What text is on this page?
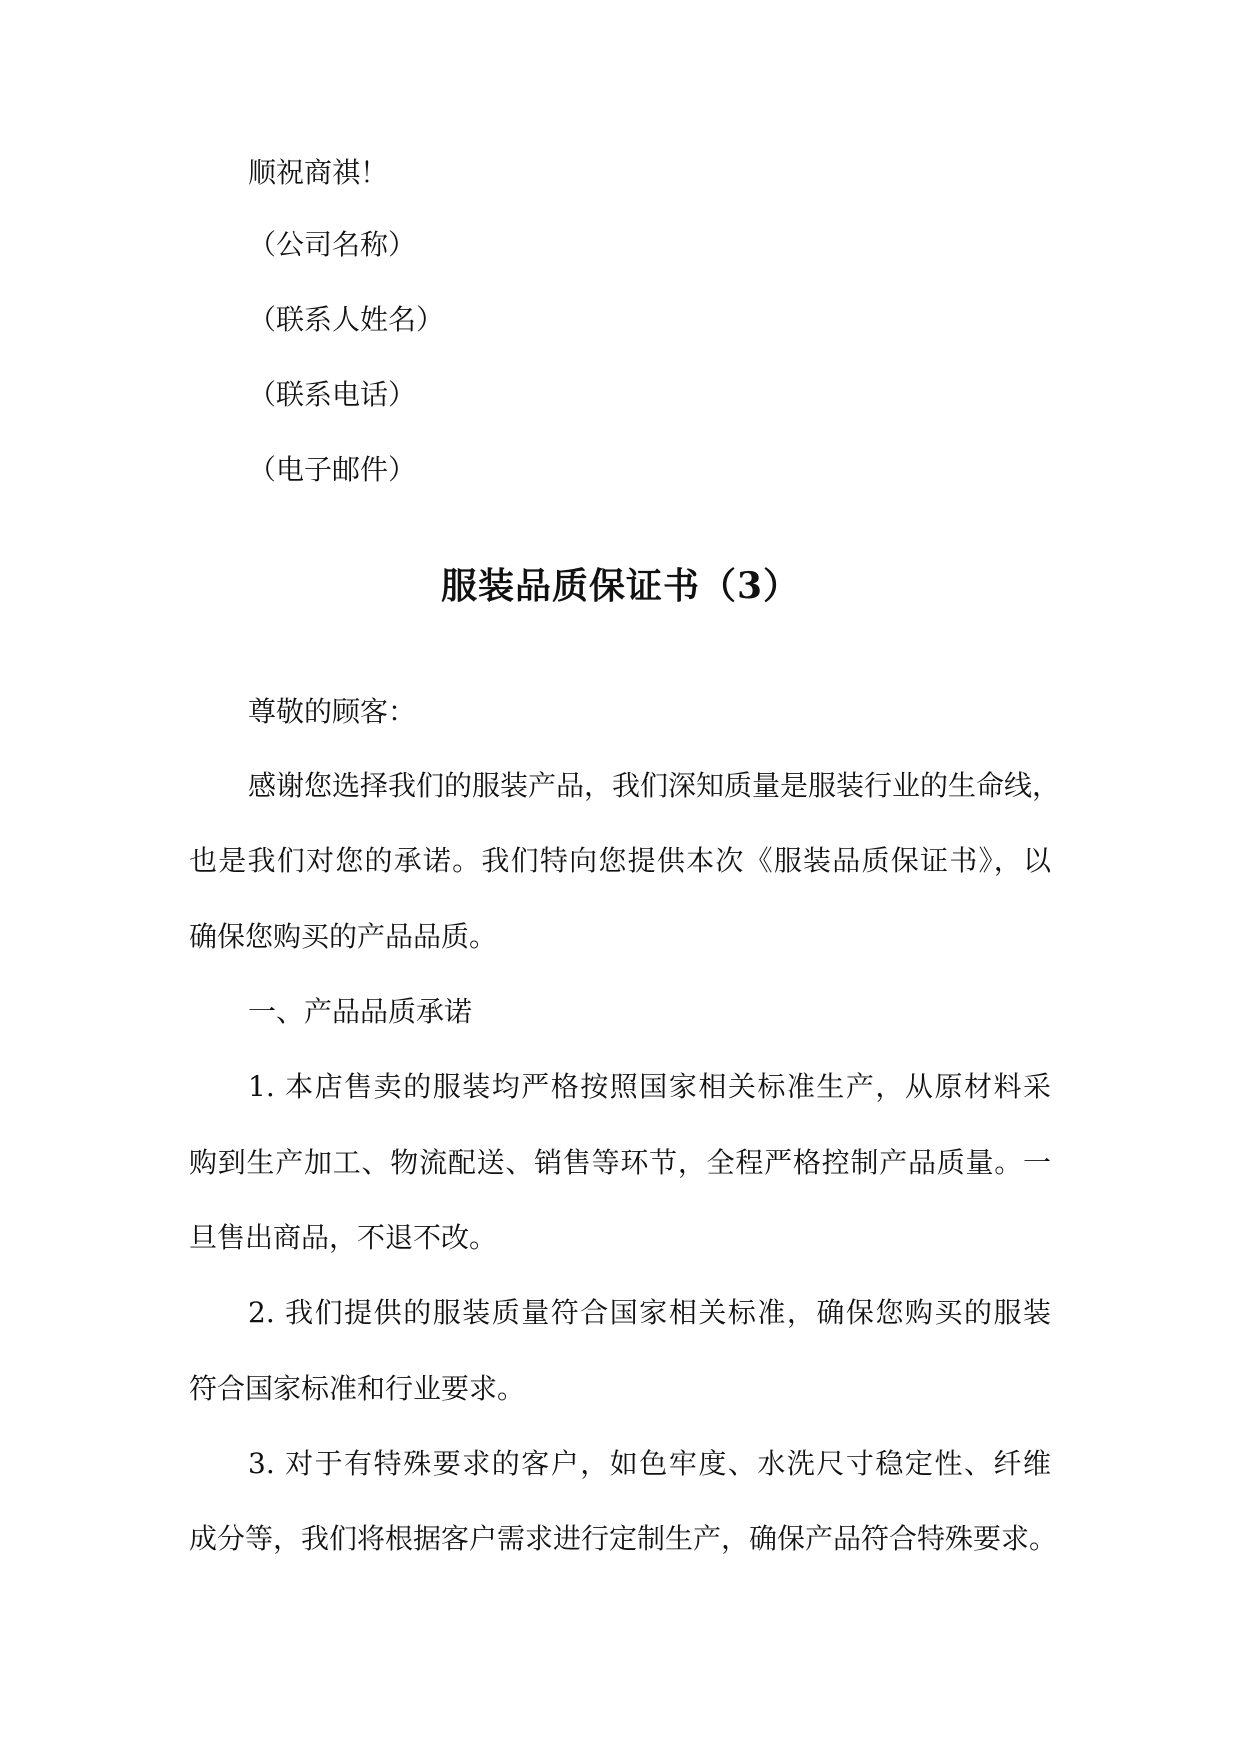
顺祝商祺！

（公司名称）

（联系人姓名）

（联系电话）

（电子邮件）

服装品质保证书（3）

尊敬的顾客：

感谢您选择我们的服装产品，我们深知质量是服装行业的生命线，

也是我们对您的承诺。我们特向您提供本次《服装品质保证书》，以

确保您购买的产品品质。

一、产品品质承诺

1. 本店售卖的服装均严格按照国家相关标准生产，从原材料采

购到生产加工、物流配送、销售等环节，全程严格控制产品质量。一

旦售出商品，不退不改。

2. 我们提供的服装质量符合国家相关标准，确保您购买的服装

符合国家标准和行业要求。

3. 对于有特殊要求的客户，如色牢度、水洗尺寸稳定性、纤维

成分等，我们将根据客户需求进行定制生产，确保产品符合特殊要求。
